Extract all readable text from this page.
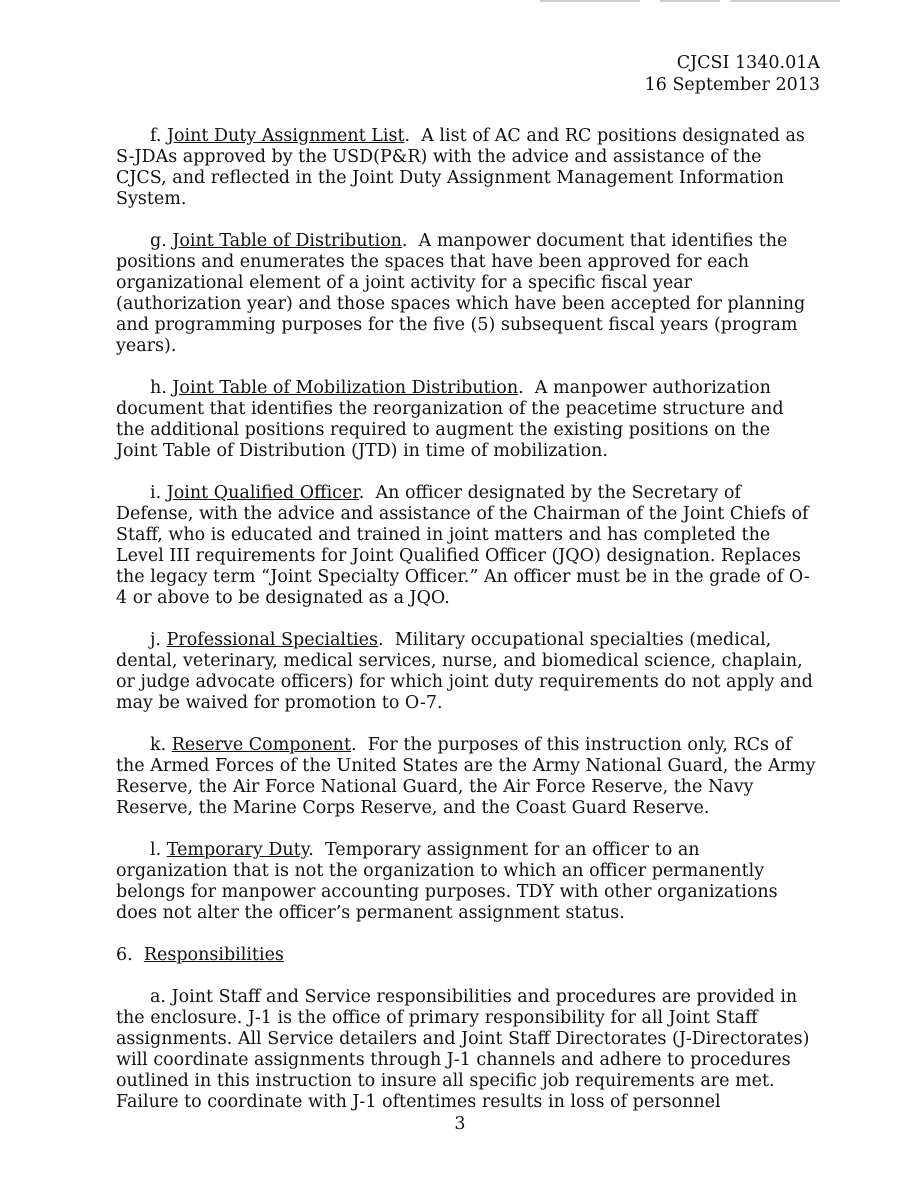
CJCSI 1340.01A
16 September 2013

f. Joint Duty Assignment List.  A list of AC and RC positions designated as S-JDAs approved by the USD(P&R) with the advice and assistance of the CJCS, and reflected in the Joint Duty Assignment Management Information System.

g. Joint Table of Distribution.  A manpower document that identifies the positions and enumerates the spaces that have been approved for each organizational element of a joint activity for a specific fiscal year (authorization year) and those spaces which have been accepted for planning and programming purposes for the five (5) subsequent fiscal years (program years).

h. Joint Table of Mobilization Distribution.  A manpower authorization document that identifies the reorganization of the peacetime structure and the additional positions required to augment the existing positions on the Joint Table of Distribution (JTD) in time of mobilization.

i. Joint Qualified Officer.  An officer designated by the Secretary of Defense, with the advice and assistance of the Chairman of the Joint Chiefs of Staff, who is educated and trained in joint matters and has completed the Level III requirements for Joint Qualified Officer (JQO) designation. Replaces the legacy term “Joint Specialty Officer.” An officer must be in the grade of O-4 or above to be designated as a JQO.

j. Professional Specialties.  Military occupational specialties (medical, dental, veterinary, medical services, nurse, and biomedical science, chaplain, or judge advocate officers) for which joint duty requirements do not apply and may be waived for promotion to O-7.

k. Reserve Component.  For the purposes of this instruction only, RCs of the Armed Forces of the United States are the Army National Guard, the Army Reserve, the Air Force National Guard, the Air Force Reserve, the Navy Reserve, the Marine Corps Reserve, and the Coast Guard Reserve.

l. Temporary Duty.  Temporary assignment for an officer to an organization that is not the organization to which an officer permanently belongs for manpower accounting purposes. TDY with other organizations does not alter the officer’s permanent assignment status.

6. Responsibilities

a. Joint Staff and Service responsibilities and procedures are provided in the enclosure. J-1 is the office of primary responsibility for all Joint Staff assignments. All Service detailers and Joint Staff Directorates (J-Directorates) will coordinate assignments through J-1 channels and adhere to procedures outlined in this instruction to insure all specific job requirements are met. Failure to coordinate with J-1 oftentimes results in loss of personnel

3
